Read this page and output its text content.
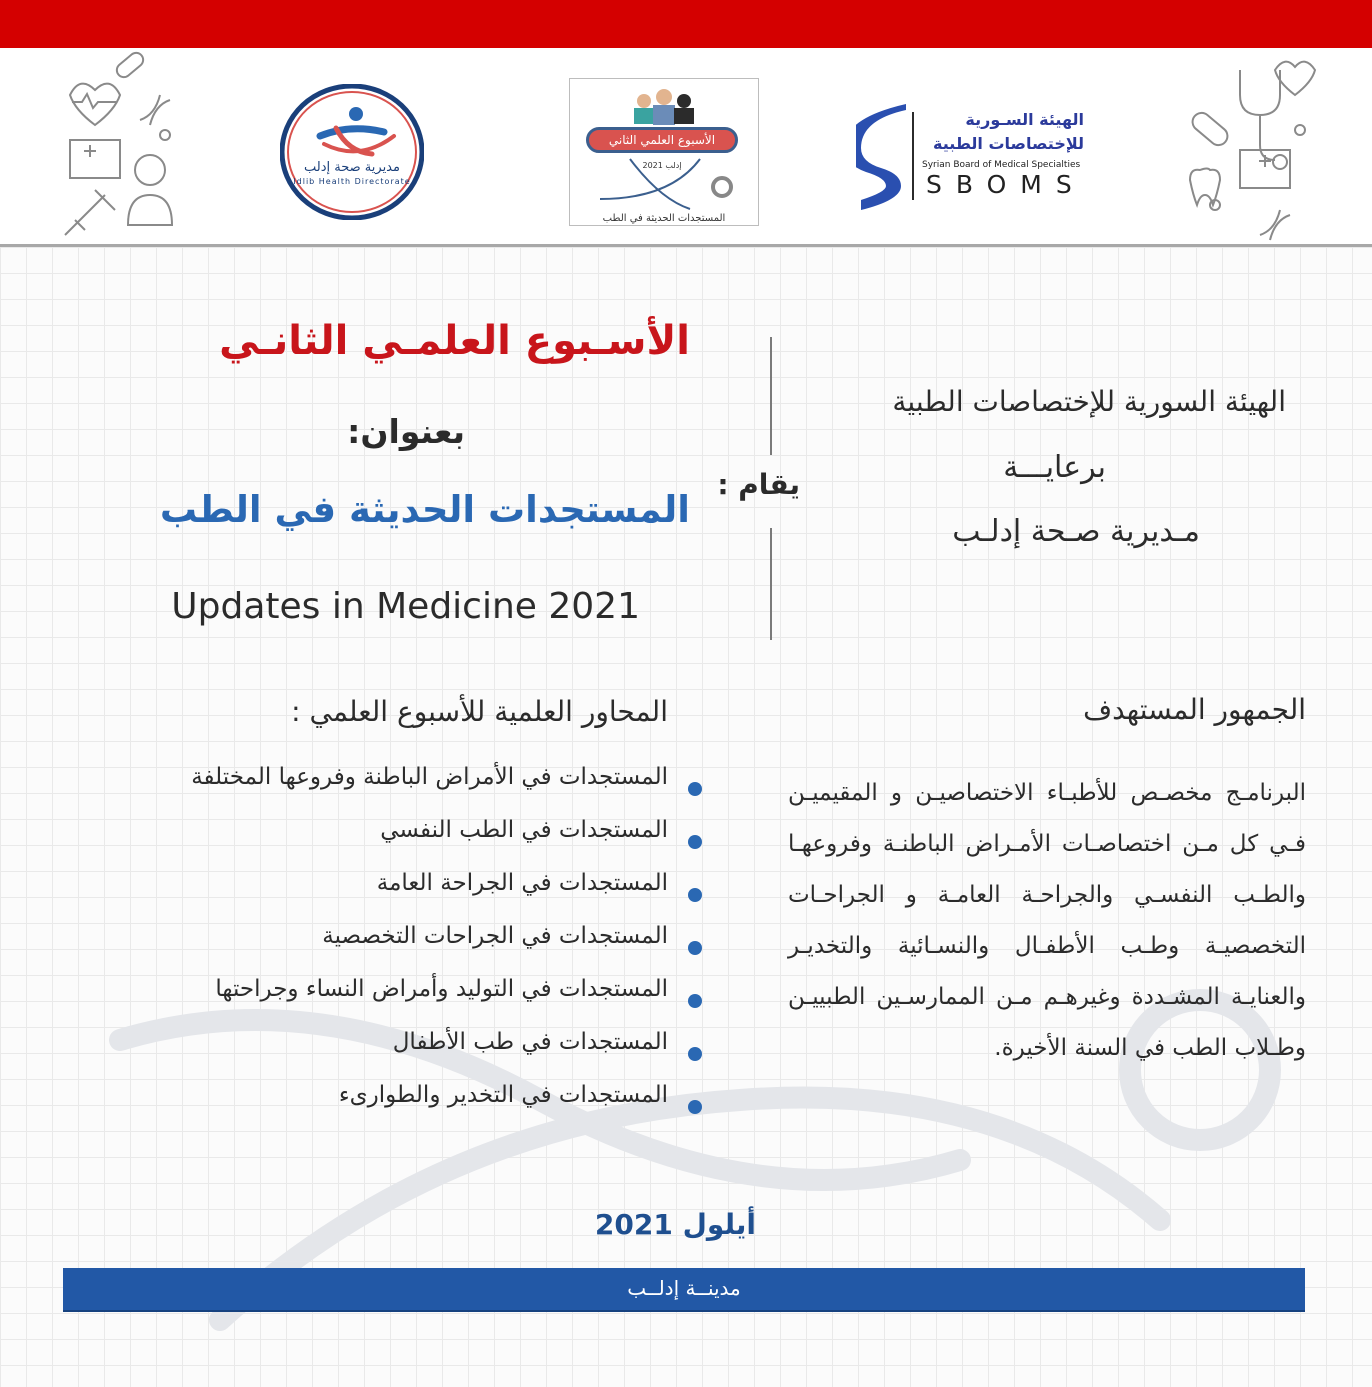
مديرية صحة إدلب
Idlib Health Directorate
الأسبوع العلمي الثاني
إدلب 2021
المستجدات الحديثة في الطب
الهيئة السـورية
للإختصاصات الطبية
Syrian Board of Medical Specialties
SBOMS
الأسـبوع العلمـي الثانـي
بعنوان:
المستجدات الحديثة في الطب
Updates in Medicine 2021
يقام :
الهيئة السورية للإختصاصات الطبية
برعايـــة
مـديرية صـحة إدلـب
المحاور العلمية للأسبوع العلمي :	الجمهور المستهدف
المستجدات في الأمراض الباطنة وفروعها المختلفة
المستجدات في الطب النفسي
المستجدات في الجراحة العامة
المستجدات في الجراحات التخصصية
المستجدات في التوليد وأمراض النساء وجراحتها
المستجدات في طب الأطفال
المستجدات في التخدير والطوارىء
البرنامـج مخصـص للأطبـاء الاختصاصيـن و المقيميـن فـي كل مـن اختصاصـات الأمـراض الباطنـة وفروعهـا والطـب النفسـي والجراحـة العامـة و الجراحـات التخصصيـة وطـب الأطفـال والنسـائية والتخديـر والعنايـة المشـددة وغيرهـم مـن الممارسـين الطبييـن وطـلاب الطب في السنة الأخيرة.
أيلول 2021
مدينــة إدلــب
